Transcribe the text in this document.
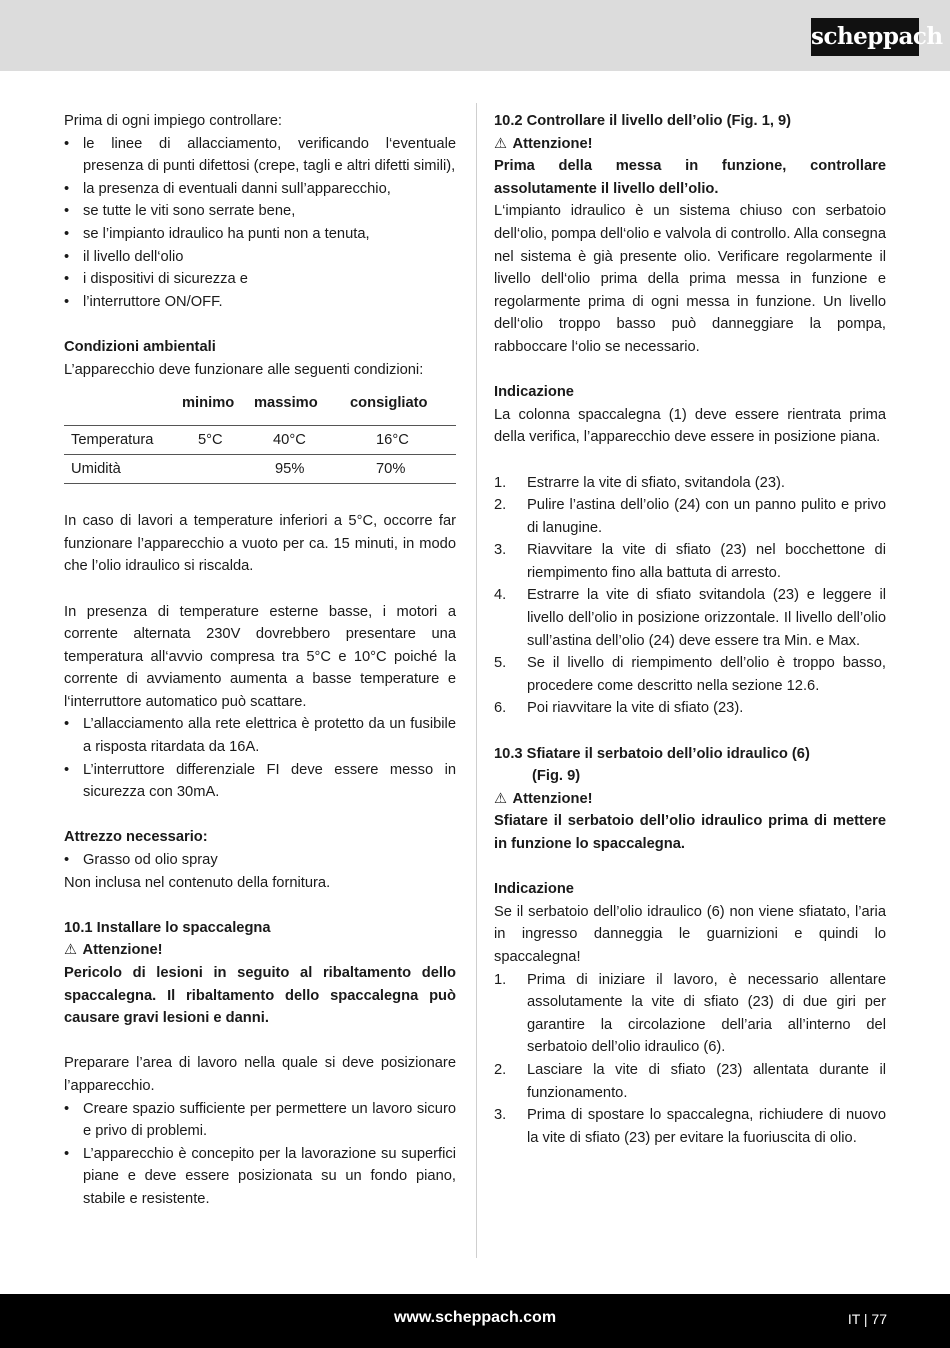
scheppach

Prima di ogni impiego controllare:

• le linee di allacciamento, verificando l‘eventuale presenza di punti difettosi (crepe, tagli e altri difetti simili),
• la presenza di eventuali danni sull’apparecchio,
• se tutte le viti sono serrate bene,
• se l’impianto idraulico ha punti non a tenuta,
• il livello dell‘olio
• i dispositivi di sicurezza e
• l’interruttore ON/OFF.

Condizioni ambientali

L’apparecchio deve funzionare alle seguenti condizioni:

	minimo	massimo	consigliato
Temperatura	5°C	40°C	16°C
Umidità		95%	70%

In caso di lavori a temperature inferiori a 5°C, occorre far funzionare l’apparecchio a vuoto per ca. 15 minuti, in modo che l’olio idraulico si riscalda.

In presenza di temperature esterne basse, i motori a corrente alternata 230V dovrebbero presentare una temperatura all‘avvio compresa tra 5°C e 10°C poiché la corrente di avviamento aumenta a basse temperature e l‘interruttore automatico può scattare.

• L’allacciamento alla rete elettrica è protetto da un fusibile a risposta ritardata da 16A.
• L’interruttore differenziale FI deve essere messo in sicurezza con 30mA.

Attrezzo necessario:

• Grasso od olio spray

Non inclusa nel contenuto della fornitura.

10.1 Installare lo spaccalegna

⚠ Attenzione!

Pericolo di lesioni in seguito al ribaltamento dello spaccalegna. Il ribaltamento dello spaccalegna può causare gravi lesioni e danni.

Preparare l’area di lavoro nella quale si deve posizionare l’apparecchio.

• Creare spazio sufficiente per permettere un lavoro sicuro e privo di problemi.
• L’apparecchio è concepito per la lavorazione su superfici piane e deve essere posizionata su un fondo piano, stabile e resistente.

10.2 Controllare il livello dell’olio (Fig. 1, 9)

⚠ Attenzione!

Prima della messa in funzione, controllare assolutamente il livello dell’olio.

L‘impianto idraulico è un sistema chiuso con serbatoio dell‘olio, pompa dell‘olio e valvola di controllo. Alla consegna nel sistema è già presente olio. Verificare regolarmente il livello dell‘olio prima della prima messa in funzione e regolarmente prima di ogni messa in funzione. Un livello dell‘olio troppo basso può danneggiare la pompa, rabboccare l‘olio se necessario.

Indicazione

La colonna spaccalegna (1) deve essere rientrata prima della verifica, l’apparecchio deve essere in posizione piana.

1. Estrarre la vite di sfiato, svitandola (23).
2. Pulire l’astina dell’olio (24) con un panno pulito e privo di lanugine.
3. Riavvitare la vite di sfiato (23) nel bocchettone di riempimento fino alla battuta di arresto.
4. Estrarre la vite di sfiato svitandola (23) e leggere il livello dell’olio in posizione orizzontale. Il livello dell’olio sull’astina dell’olio (24) deve essere tra Min. e Max.
5. Se il livello di riempimento dell’olio è troppo basso, procedere come descritto nella sezione 12.6.
6. Poi riavvitare la vite di sfiato (23).

10.3 Sfiatare il serbatoio dell’olio idraulico (6)

(Fig. 9)

⚠ Attenzione!

Sfiatare il serbatoio dell’olio idraulico prima di mettere in funzione lo spaccalegna.

Indicazione

Se il serbatoio dell’olio idraulico (6) non viene sfiatato, l’aria in ingresso danneggia le guarnizioni e quindi lo spaccalegna!

1. Prima di iniziare il lavoro, è necessario allentare assolutamente la vite di sfiato (23) di due giri per garantire la circolazione dell’aria all’interno del serbatoio dell’olio idraulico (6).
2. Lasciare la vite di sfiato (23) allentata durante il funzionamento.
3. Prima di spostare lo spaccalegna, richiudere di nuovo la vite di sfiato (23) per evitare la fuoriuscita di olio.
www.scheppach.com	IT | 77
